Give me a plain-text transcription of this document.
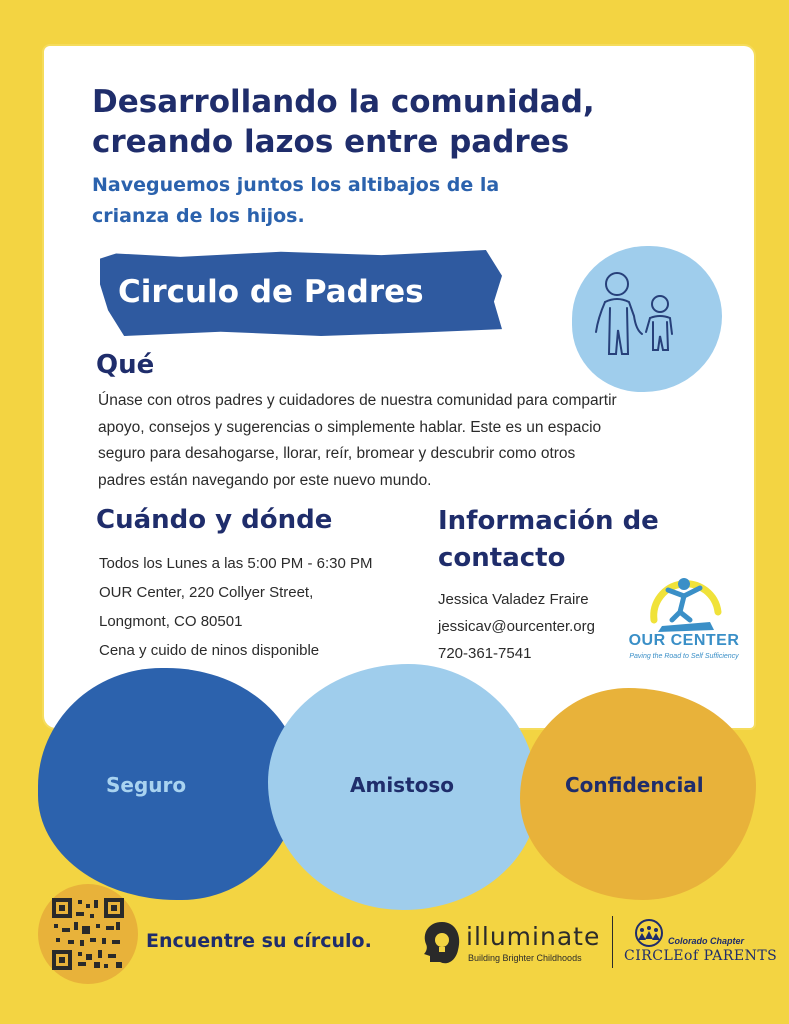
Desarrollando la comunidad,
creando lazos entre padres
Naveguemos juntos los altibajos de la
crianza de los hijos.
Circulo de Padres
Qué
Únase con otros padres y cuidadores de nuestra comunidad para compartir
apoyo, consejos y sugerencias o simplemente hablar. Este es un espacio
seguro para desahogarse, llorar, reír, bromear y descubrir como otros
padres están navegando por este nuevo mundo.
Cuándo y dónde
Todos los Lunes a las 5:00 PM - 6:30 PM
OUR Center, 220 Collyer Street,
Longmont, CO 80501
Cena y cuido de ninos disponible
Información de
contacto
Jessica Valadez Fraire
jessicav@ourcenter.org
720-361-7541
OUR CENTER
Paving the Road to Self Sufficiency
Seguro	Amistoso	Confidencial
Encuentre su círculo.	illuminate
Building Brighter Childhoods
Colorado Chapter
CIRCLEof PARENTS
